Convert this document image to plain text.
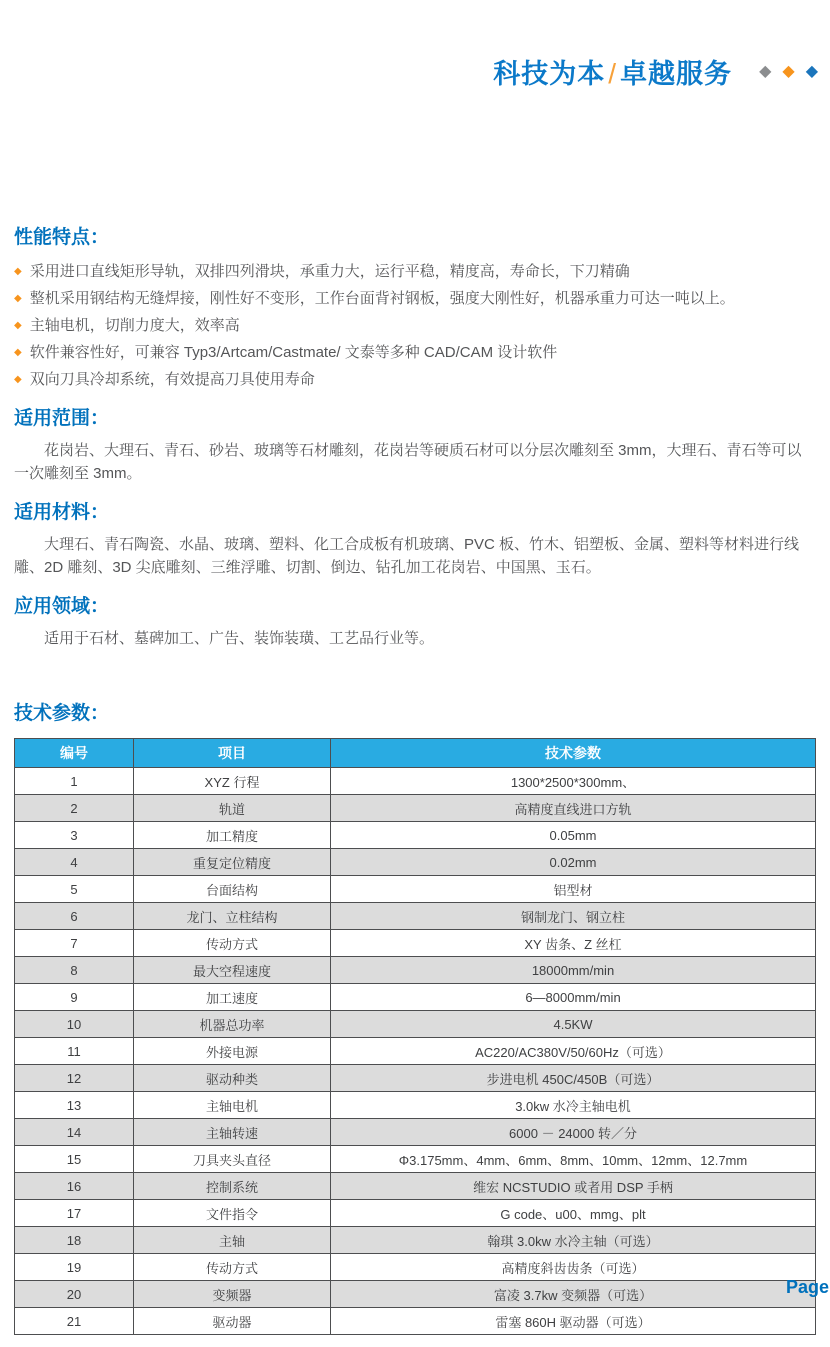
科技为本 / 卓越服务 ◆ ◆ ◆
性能特点：
◆ 采用进口直线矩形导轨，双排四列滑块，承重力大，运行平稳，精度高，寿命长，下刀精确
◆ 整机采用钢结构无缝焊接，刚性好不变形，工作台面背衬钢板，强度大刚性好，机器承重力可达一吨以上。
◆ 主轴电机，切削力度大，效率高
◆ 软件兼容性好，可兼容 Typ3/Artcam/Castmate/ 文泰等多种 CAD/CAM 设计软件
◆ 双向刀具冷却系统，有效提高刀具使用寿命
适用范围：

花岗岩、大理石、青石、砂岩、玻璃等石材雕刻，花岗岩等硬质石材可以分层次雕刻至 3mm，大理石、青石等可以一次雕刻至 3mm。

适用材料：

大理石、青石陶瓷、水晶、玻璃、塑料、化工合成板有机玻璃、PVC 板、竹木、铝塑板、金属、塑料等材料进行线雕、2D 雕刻、3D 尖底雕刻、三维浮雕、切割、倒边、钻孔加工花岗岩、中国黑、玉石。

应用领域：

适用于石材、墓碑加工、广告、装饰装璜、工艺品行业等。

技术参数：
编号	项目	技术参数
1	XYZ 行程	1300*2500*300mm、
2	轨道	高精度直线进口方轨
3	加工精度	0.05mm
4	重复定位精度	0.02mm
5	台面结构	铝型材
6	龙门、立柱结构	钢制龙门、钢立柱
7	传动方式	XY 齿条、Z 丝杠
8	最大空程速度	18000mm/min
9	加工速度	6—8000mm/min
10	机器总功率	4.5KW
11	外接电源	AC220/AC380V/50/60Hz（可选）
12	驱动种类	步进电机 450C/450B（可选）
13	主轴电机	3.0kw 水冷主轴电机
14	主轴转速	6000 － 24000 转／分
15	刀具夹头直径	Φ3.175mm、4mm、6mm、8mm、10mm、12mm、12.7mm
16	控制系统	维宏 NCSTUDIO 或者用 DSP 手柄
17	文件指令	G code、u00、mmg、plt
18	主轴	翰琪 3.0kw 水冷主轴（可选）
19	传动方式	高精度斜齿齿条（可选）
20	变频器	富凌 3.7kw 变频器（可选）
21	驱动器	雷塞 860H 驱动器（可选）
Page
